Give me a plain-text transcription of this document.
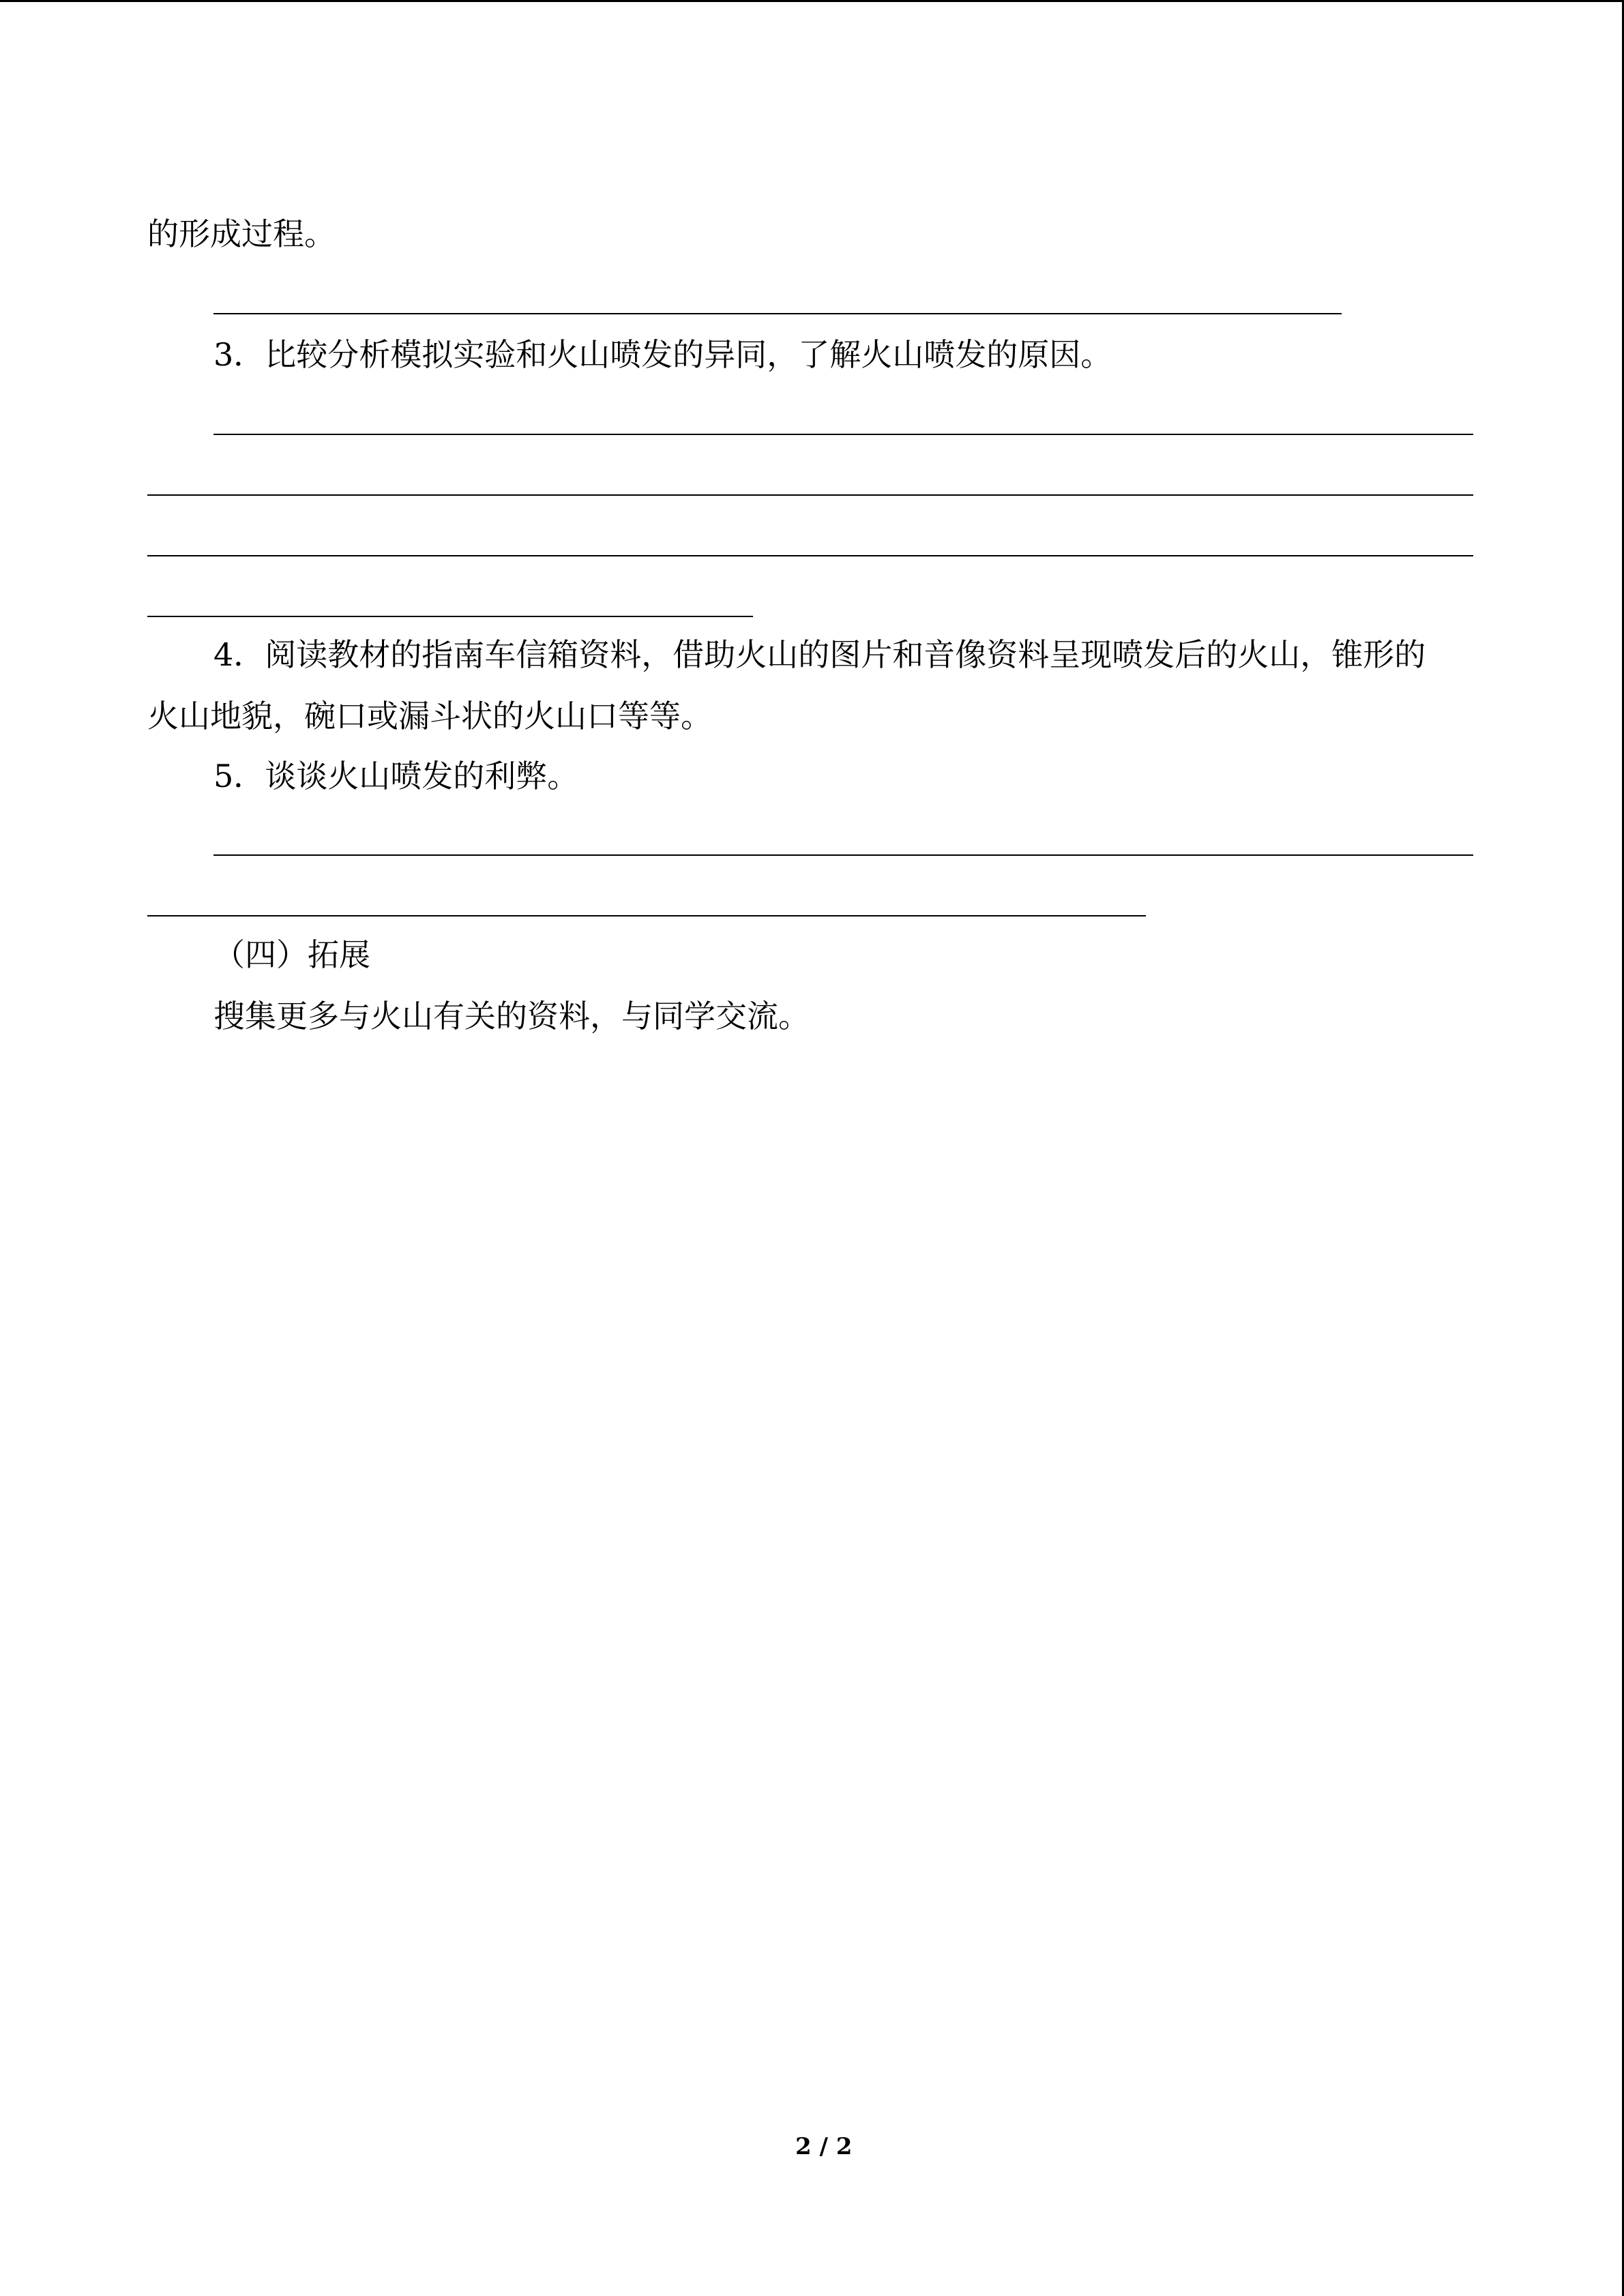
的形成过程。
3．比较分析模拟实验和火山喷发的异同，了解火山喷发的原因。
4．阅读教材的指南车信箱资料，借助火山的图片和音像资料呈现喷发后的火山，锥形的
火山地貌，碗口或漏斗状的火山口等等。
5．谈谈火山喷发的利弊。
（四）拓展
搜集更多与火山有关的资料，与同学交流。
2 / 2
